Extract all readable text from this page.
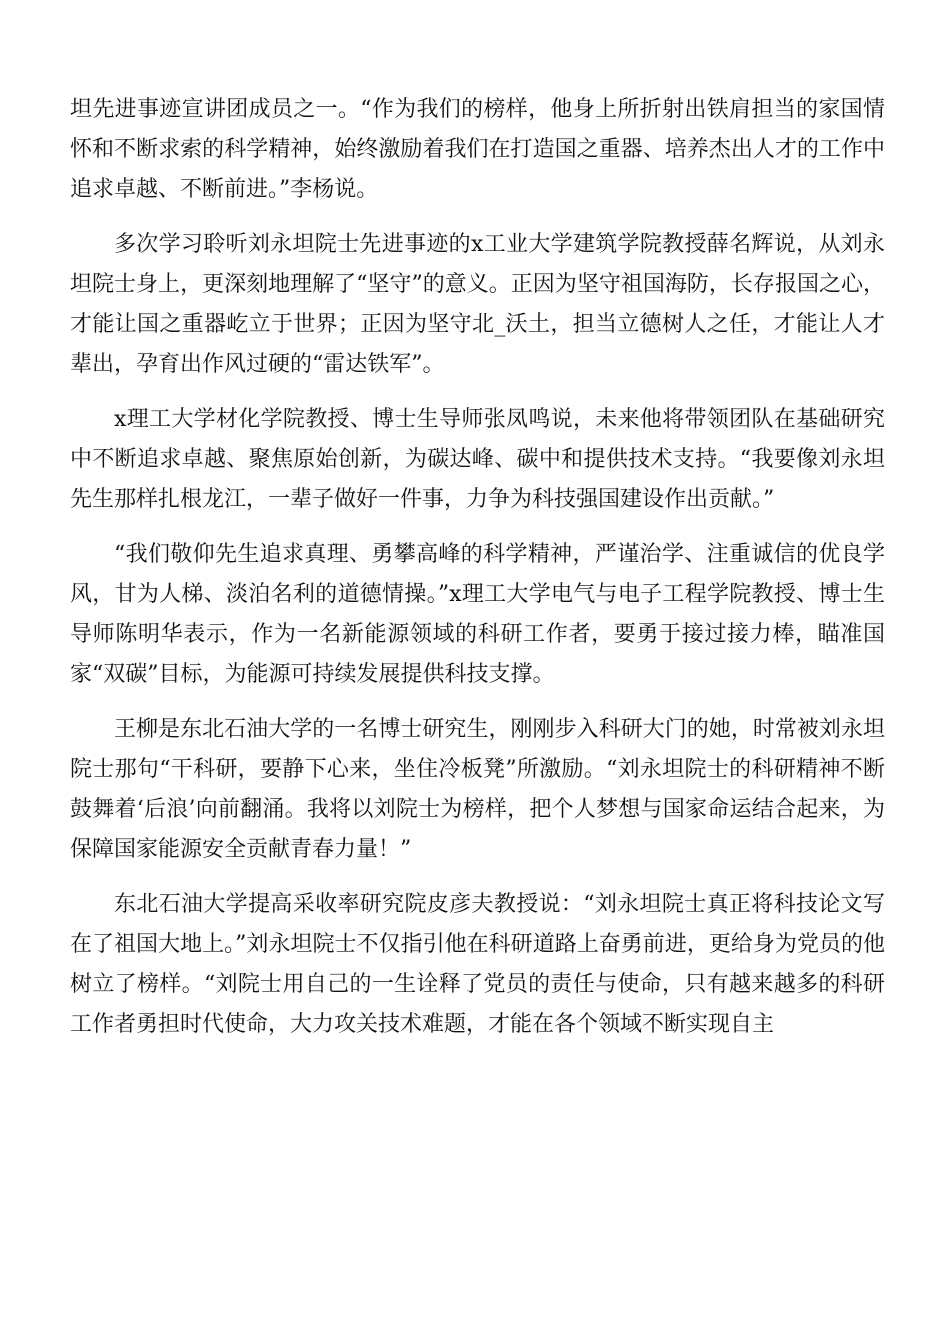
坦先进事迹宣讲团成员之一。“作为我们的榜样，他身上所折射出铁肩担当的家国情怀和不断求索的科学精神，始终激励着我们在打造国之重器、培养杰出人才的工作中追求卓越、不断前进。”李杨说。

多次学习聆听刘永坦院士先进事迹的x工业大学建筑学院教授薛名辉说，从刘永坦院士身上，更深刻地理解了“坚守”的意义。正因为坚守祖国海防，长存报国之心，才能让国之重器屹立于世界；正因为坚守北_沃土，担当立德树人之任，才能让人才辈出，孕育出作风过硬的“雷达铁军”。

x理工大学材化学院教授、博士生导师张凤鸣说，未来他将带领团队在基础研究中不断追求卓越、聚焦原始创新，为碳达峰、碳中和提供技术支持。“我要像刘永坦先生那样扎根龙江，一辈子做好一件事，力争为科技强国建设作出贡献。”

“我们敬仰先生追求真理、勇攀高峰的科学精神，严谨治学、注重诚信的优良学风，甘为人梯、淡泊名利的道德情操。”x理工大学电气与电子工程学院教授、博士生导师陈明华表示，作为一名新能源领域的科研工作者，要勇于接过接力棒，瞄准国家“双碳”目标，为能源可持续发展提供科技支撑。

王柳是东北石油大学的一名博士研究生，刚刚步入科研大门的她，时常被刘永坦院士那句“干科研，要静下心来，坐住冷板凳”所激励。“刘永坦院士的科研精神不断鼓舞着‘后浪’向前翻涌。我将以刘院士为榜样，把个人梦想与国家命运结合起来，为保障国家能源安全贡献青春力量！”

东北石油大学提高采收率研究院皮彦夫教授说：“刘永坦院士真正将科技论文写在了祖国大地上。”刘永坦院士不仅指引他在科研道路上奋勇前进，更给身为党员的他树立了榜样。“刘院士用自己的一生诠释了党员的责任与使命，只有越来越多的科研工作者勇担时代使命，大力攻关技术难题，才能在各个领域不断实现自主
